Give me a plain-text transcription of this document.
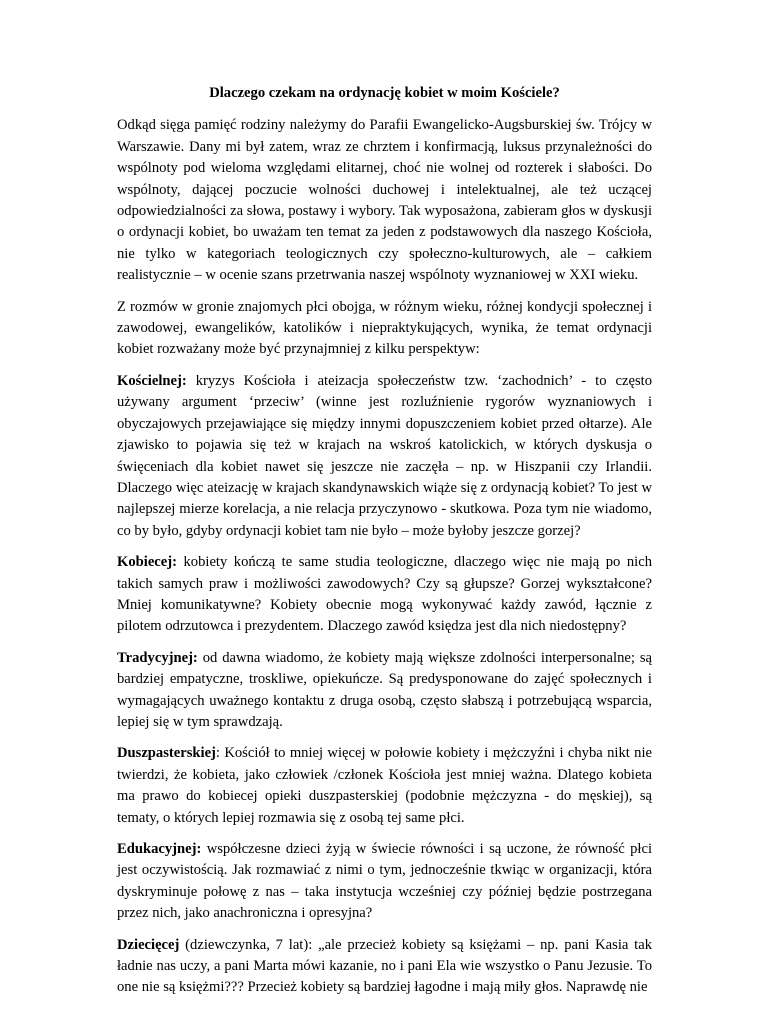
Dlaczego czekam na ordynację kobiet w moim Kościele?

Odkąd sięga pamięć rodziny należymy do Parafii Ewangelicko-Augsburskiej św. Trójcy w Warszawie. Dany mi był zatem, wraz ze chrztem i konfirmacją, luksus przynależności do wspólnoty pod wieloma względami elitarnej, choć nie wolnej od rozterek i słabości. Do wspólnoty, dającej poczucie wolności duchowej i intelektualnej, ale też uczącej odpowiedzialności za słowa, postawy i wybory. Tak wyposażona, zabieram głos w dyskusji o ordynacji kobiet, bo uważam ten temat za jeden z podstawowych dla naszego Kościoła, nie tylko w kategoriach teologicznych czy społeczno-kulturowych, ale – całkiem realistycznie – w ocenie szans przetrwania naszej wspólnoty wyznaniowej w XXI wieku.

Z rozmów w gronie znajomych płci obojga, w różnym wieku, różnej kondycji społecznej i zawodowej, ewangelików, katolików i niepraktykujących, wynika, że temat ordynacji kobiet rozważany może być przynajmniej z kilku perspektyw:

Kościelnej: kryzys Kościoła i ateizacja społeczeństw tzw. ‘zachodnich’ - to często używany argument ‘przeciw’ (winne jest rozluźnienie rygorów wyznaniowych i obyczajowych przejawiające się między innymi dopuszczeniem kobiet przed ołtarze). Ale zjawisko to pojawia się też w krajach na wskroś katolickich, w których dyskusja o święceniach dla kobiet nawet się jeszcze nie zaczęła – np. w Hiszpanii czy Irlandii. Dlaczego więc ateizację w krajach skandynawskich wiąże się z ordynacją kobiet? To jest w najlepszej mierze korelacja, a nie relacja przyczynowo - skutkowa. Poza tym nie wiadomo, co by było, gdyby ordynacji kobiet tam nie było – może byłoby jeszcze gorzej?

Kobiecej: kobiety kończą te same studia teologiczne, dlaczego więc nie mają po nich takich samych praw i możliwości zawodowych? Czy są głupsze? Gorzej wykształcone? Mniej komunikatywne? Kobiety obecnie mogą wykonywać każdy zawód, łącznie z pilotem odrzutowca i prezydentem. Dlaczego zawód księdza jest dla nich niedostępny?

Tradycyjnej: od dawna wiadomo, że kobiety mają większe zdolności interpersonalne; są bardziej empatyczne, troskliwe, opiekuńcze. Są predysponowane do zajęć społecznych i wymagających uważnego kontaktu z druga osobą, często słabszą i potrzebującą wsparcia, lepiej się w tym sprawdzają.

Duszpasterskiej: Kościół to mniej więcej w połowie kobiety i mężczyźni i chyba nikt nie twierdzi, że kobieta, jako człowiek /członek Kościoła jest mniej ważna. Dlatego kobieta ma prawo do kobiecej opieki duszpasterskiej (podobnie mężczyzna - do męskiej), są tematy, o których lepiej rozmawia się z osobą tej same płci.

Edukacyjnej: współczesne dzieci żyją w świecie równości i są uczone, że równość płci jest oczywistością. Jak rozmawiać z nimi o tym, jednocześnie tkwiąc w organizacji, która dyskryminuje połowę z nas – taka instytucja wcześniej czy później będzie postrzegana przez nich, jako anachroniczna i opresyjna?

Dziecięcej (dziewczynka, 7 lat): „ale przecież kobiety są księżami – np. pani Kasia tak ładnie nas uczy, a pani Marta mówi kazanie, no i pani Ela wie wszystko o Panu Jezusie. To one nie są księżmi??? Przecież kobiety są bardziej łagodne i mają miły głos. Naprawdę nie
